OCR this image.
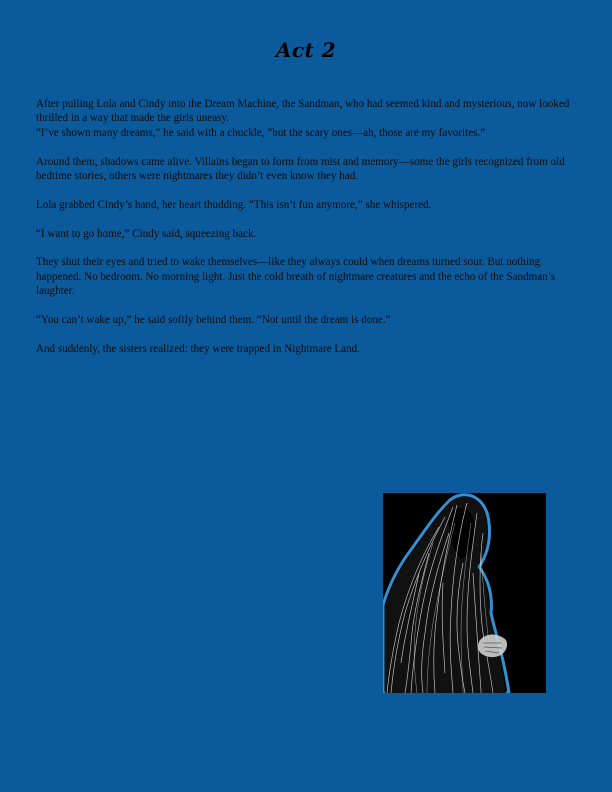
Act 2

After pulling Lola and Cindy into the Dream Machine, the Sandman, who had seemed kind and mysterious, now looked thrilled in a way that made the girls uneasy.
“I’ve shown many dreams,” he said with a chuckle, “but the scary ones—ah, those are my favorites.”

Around them, shadows came alive. Villains began to form from mist and memory—some the girls recognized from old bedtime stories, others were nightmares they didn’t even know they had.

Lola grabbed Cindy’s hand, her heart thudding. “This isn’t fun anymore,” she whispered.

“I want to go home,” Cindy said, squeezing back.

They shut their eyes and tried to wake themselves—like they always could when dreams turned sour. But nothing happened. No bedroom. No morning light. Just the cold breath of nightmare creatures and the echo of the Sandman’s laughter.

“You can’t wake up,” he said softly behind them. “Not until the dream is done.”

And suddenly, the sisters realized: they were trapped in Nightmare Land.
